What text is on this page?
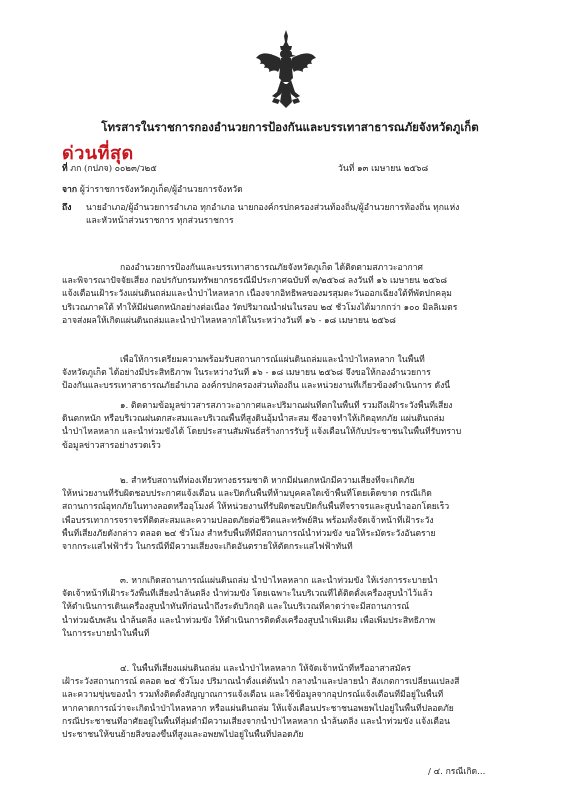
โทรสารในราชการกองอำนวยการป้องกันและบรรเทาสาธารณภัยจังหวัดภูเก็ต
ด่วนที่สุด
ที่ ภก (กปภจ) ๐๐๒๓/ว๒๕	วันที่ ๑๓ เมษายน ๒๕๖๘
จาก ผู้ว่าราชการจังหวัดภูเก็ต/ผู้อำนวยการจังหวัด
ถึง นายอำเภอ/ผู้อำนวยการอำเภอ ทุกอำเภอ นายกองค์กรปกครองส่วนท้องถิ่น/ผู้อำนวยการท้องถิ่น ทุกแห่ง
และหัวหน้าส่วนราชการ ทุกส่วนราชการ
กองอำนวยการป้องกันและบรรเทาสาธารณภัยจังหวัดภูเก็ต ได้ติดตามสภาวะอากาศ
และพิจารณาปัจจัยเสี่ยง กอปรกับกรมทรัพยากรธรณีมีประกาศฉบับที่ ๓/๒๕๖๘ ลงวันที่ ๑๖ เมษายน ๒๕๖๘
แจ้งเตือนเฝ้าระวังแผ่นดินถล่มและน้ำป่าไหลหลาก เนื่องจากอิทธิพลของมรสุมตะวันออกเฉียงใต้ที่พัดปกคลุม
บริเวณภาคใต้ ทำให้มีฝนตกหนักอย่างต่อเนื่อง วัดปริมาณน้ำฝนในรอบ ๒๔ ชั่วโมงได้มากกว่า ๑๐๐ มิลลิเมตร
อาจส่งผลให้เกิดแผ่นดินถล่มและน้ำป่าไหลหลากได้ในระหว่างวันที่ ๑๖ - ๑๘ เมษายน ๒๕๖๘
เพื่อให้การเตรียมความพร้อมรับสถานการณ์แผ่นดินถล่มและน้ำป่าไหลหลาก ในพื้นที่
จังหวัดภูเก็ต ได้อย่างมีประสิทธิภาพ ในระหว่างวันที่ ๑๖ - ๑๘ เมษายน ๒๕๖๘ จึงขอให้กองอำนวยการ
ป้องกันและบรรเทาสาธารณภัยอำเภอ องค์กรปกครองส่วนท้องถิ่น และหน่วยงานที่เกี่ยวข้องดำเนินการ ดังนี้
๑. ติดตามข้อมูลข่าวสารสภาวะอากาศและปริมาณฝนที่ตกในพื้นที่ รวมถึงเฝ้าระวังพื้นที่เสี่ยง
ดินตกหนัก หรือบริเวณฝนตกสะสมและบริเวณพื้นที่สูงดินอุ้มน้ำสะสม ซึ่งอาจทำให้เกิดอุทกภัย แผ่นดินถล่ม
น้ำป่าไหลหลาก และน้ำท่วมขังได้ โดยประสานสัมพันธ์สร้างการรับรู้ แจ้งเตือนให้กับประชาชนในพื้นที่รับทราบ
ข้อมูลข่าวสารอย่างรวดเร็ว
๒. สำหรับสถานที่ท่องเที่ยวทางธรรมชาติ หากมีฝนตกหนักมีความเสี่ยงที่จะเกิดภัย
ให้หน่วยงานที่รับผิดชอบประกาศแจ้งเตือน และปิดกั้นพื้นที่ห้ามบุคคลใดเข้าพื้นที่โดยเด็ดขาด กรณีเกิด
สถานการณ์อุทกภัยในทางลอดหรืออุโมงค์ ให้หน่วยงานที่รับผิดชอบปิดกั้นพื้นที่จราจรและสูบน้ำออกโดยเร็ว
เพื่อบรรเทาการจราจรที่ติดสะสมและความปลอดภัยต่อชีวิตและทรัพย์สิน พร้อมทั้งจัดเจ้าหน้าที่เฝ้าระวัง
พื้นที่เสี่ยงภัยดังกล่าว ตลอด ๒๔ ชั่วโมง สำหรับพื้นที่ที่มีสถานการณ์น้ำท่วมขัง ขอให้ระมัดระวังอันตราย
จากกระแสไฟฟ้ารั่ว ในกรณีที่มีความเสี่ยงจะเกิดอันตรายให้ตัดกระแสไฟฟ้าทันที
๓. หากเกิดสถานการณ์แผ่นดินถล่ม น้ำป่าไหลหลาก และน้ำท่วมขัง ให้เร่งการระบายน้ำ
จัดเจ้าหน้าที่เฝ้าระวังพื้นที่เสี่ยงน้ำล้นตลิ่ง น้ำท่วมขัง โดยเฉพาะในบริเวณที่ได้ติดตั้งเครื่องสูบน้ำไว้แล้ว
ให้ดำเนินการเดินเครื่องสูบน้ำทันทีก่อนน้ำถึงระดับวิกฤติ และในบริเวณที่คาดว่าจะมีสถานการณ์
น้ำท่วมฉับพลัน น้ำล้นตลิ่ง และน้ำท่วมขัง ให้ดำเนินการติดตั้งเครื่องสูบน้ำเพิ่มเติม เพื่อเพิ่มประสิทธิภาพ
ในการระบายน้ำในพื้นที่
๔. ในพื้นที่เสี่ยงแผ่นดินถล่ม และน้ำป่าไหลหลาก ให้จัดเจ้าหน้าที่หรืออาสาสมัคร
เฝ้าระวังสถานการณ์ ตลอด ๒๔ ชั่วโมง ปริมาณน้ำตั้งแต่ต้นน้ำ กลางน้ำและปลายน้ำ สังเกตการเปลี่ยนแปลงสี
และความขุ่นของน้ำ รวมทั้งติดตั้งสัญญาณการแจ้งเตือน และใช้ข้อมูลจากอุปกรณ์แจ้งเตือนที่มีอยู่ในพื้นที่
หากคาดการณ์ว่าจะเกิดน้ำป่าไหลหลาก หรือแผ่นดินถล่ม ให้แจ้งเตือนประชาชนอพยพไปอยู่ในพื้นที่ปลอดภัย
กรณีประชาชนที่อาศัยอยู่ในพื้นที่ลุ่มต่ำมีความเสี่ยงจากน้ำป่าไหลหลาก น้ำล้นตลิ่ง และน้ำท่วมขัง แจ้งเตือน
ประชาชนให้ขนย้ายสิ่งของขึ้นที่สูงและอพยพไปอยู่ในพื้นที่ปลอดภัย
/ ๔. กรณีเกิด...
